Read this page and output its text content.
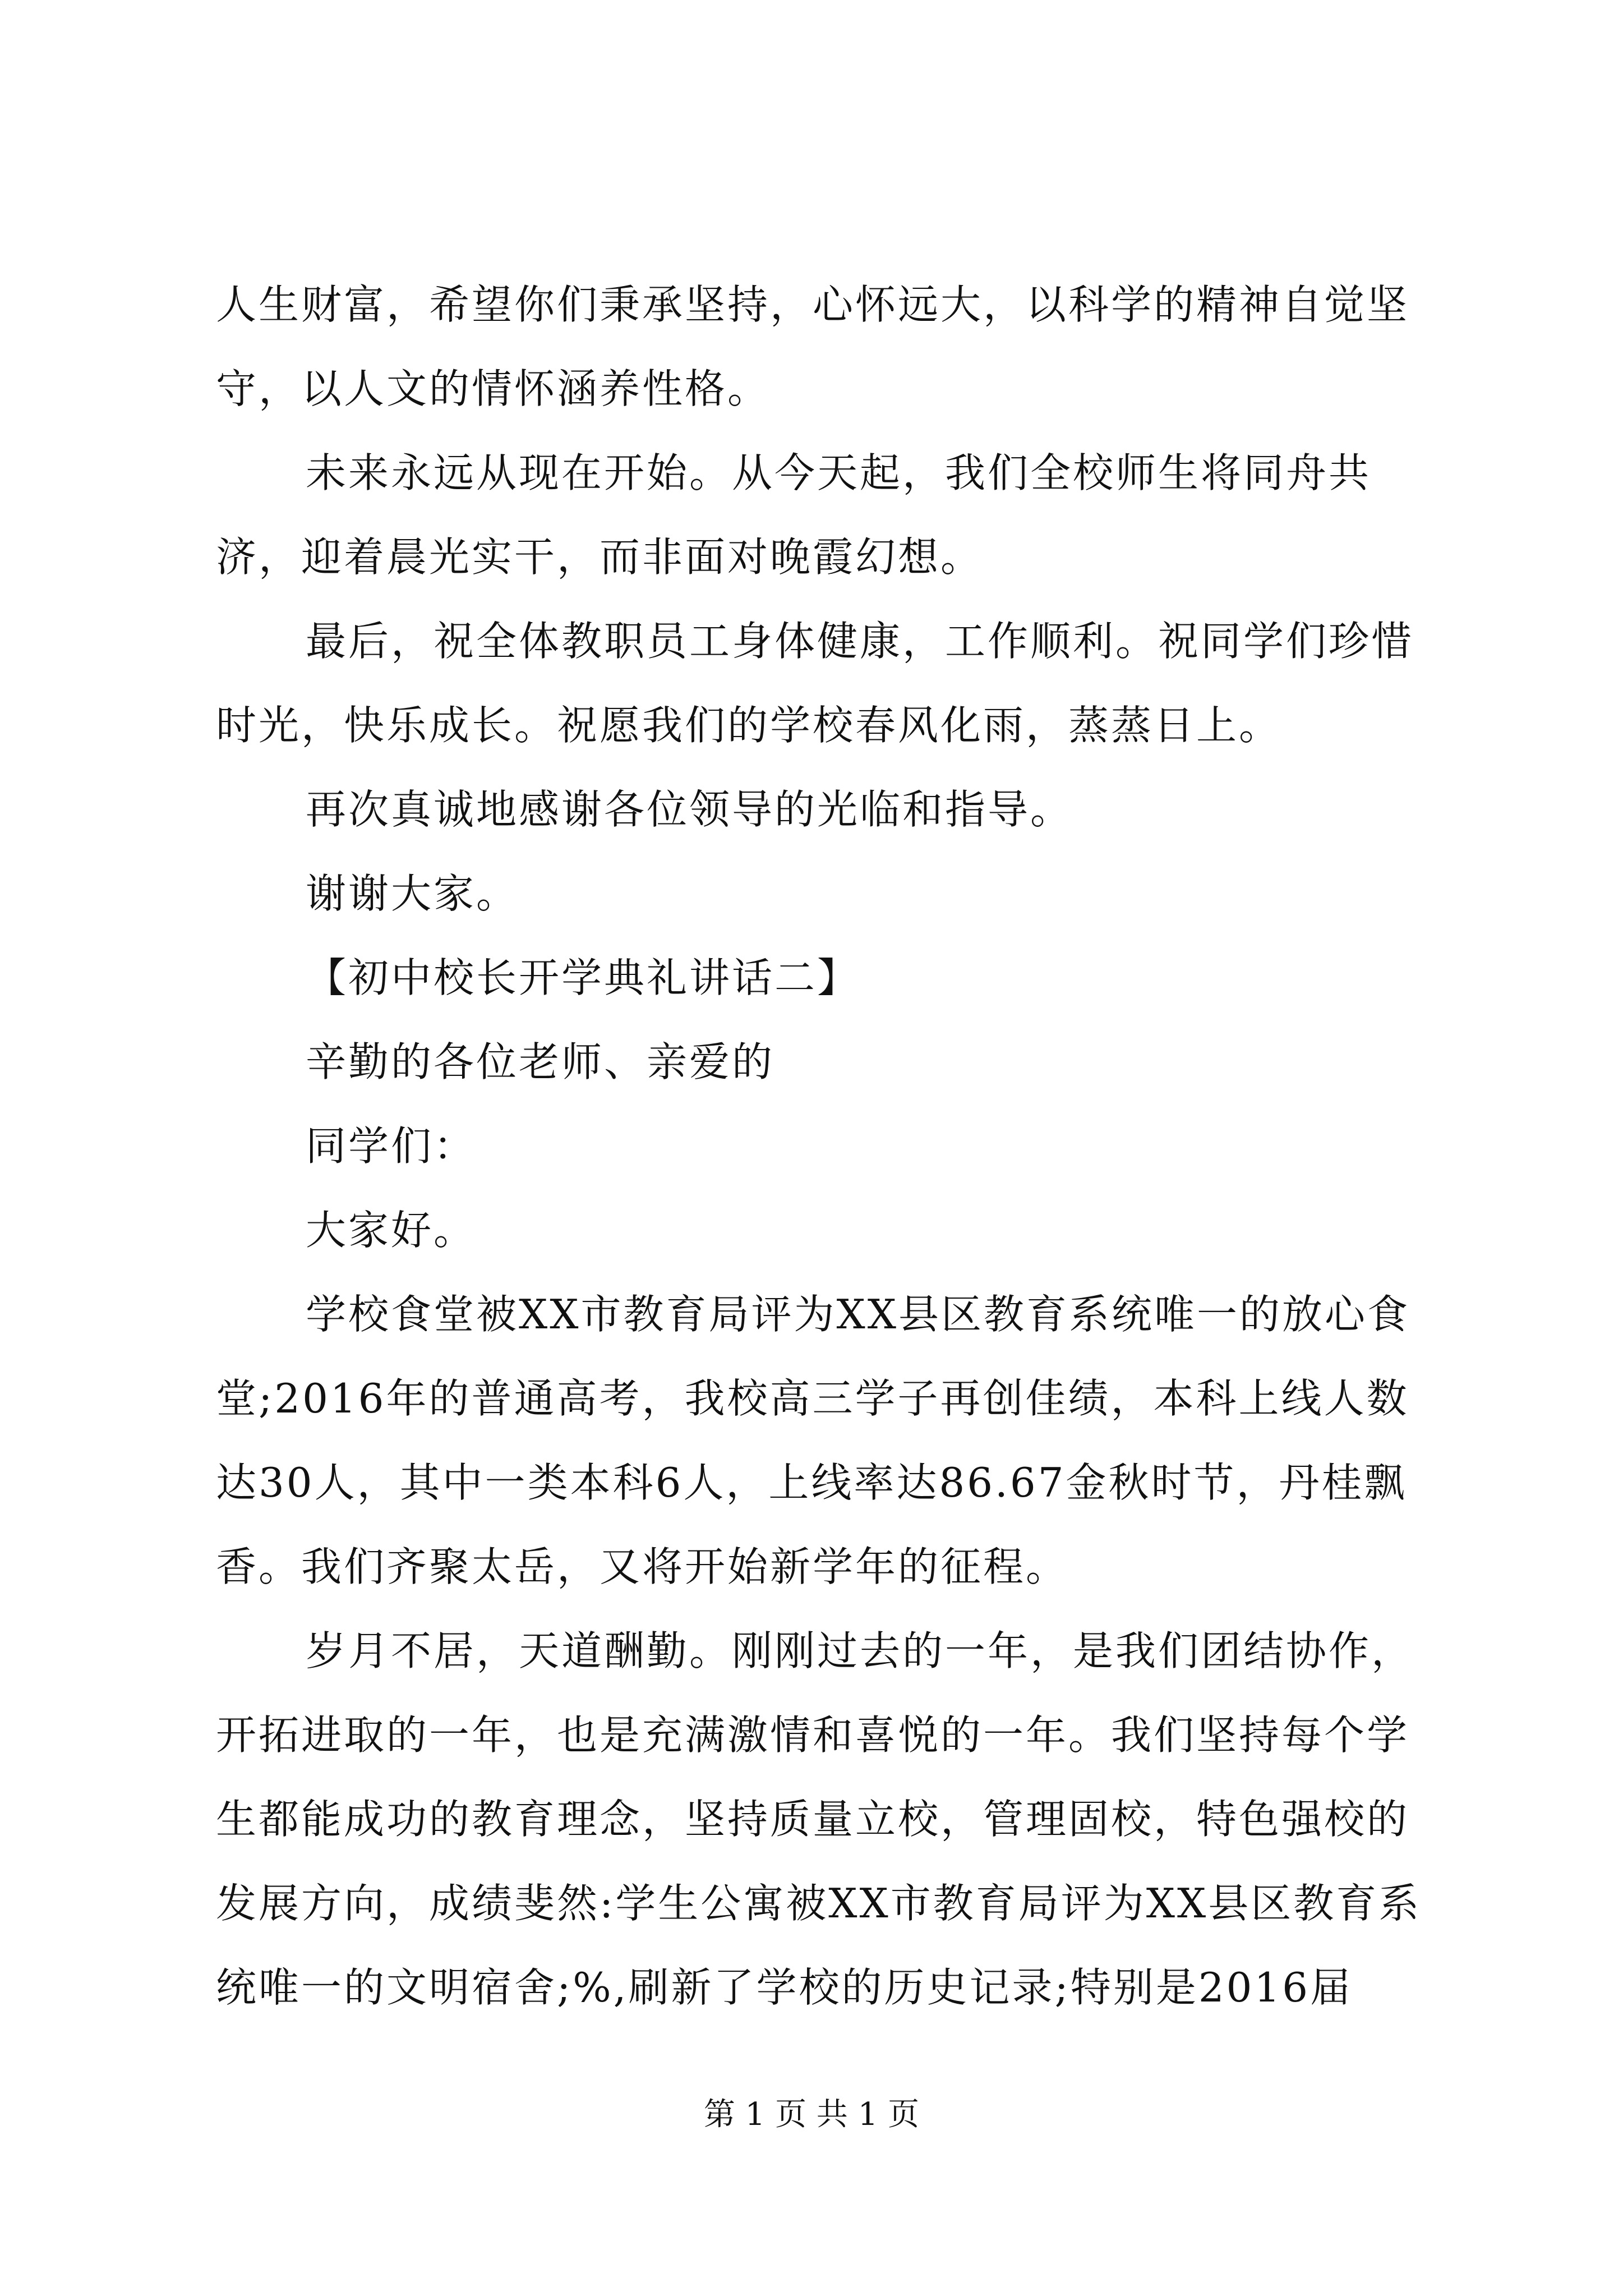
人生财富，希望你们秉承坚持，心怀远大，以科学的精神自觉坚守，以人文的情怀涵养性格。

未来永远从现在开始。从今天起，我们全校师生将同舟共济，迎着晨光实干，而非面对晚霞幻想。

最后，祝全体教职员工身体健康，工作顺利。祝同学们珍惜时光，快乐成长。祝愿我们的学校春风化雨，蒸蒸日上。

再次真诚地感谢各位领导的光临和指导。

谢谢大家。

【初中校长开学典礼讲话二】

辛勤的各位老师、亲爱的

同学们：

大家好。

学校食堂被XX市教育局评为XX县区教育系统唯一的放心食堂;2016年的普通高考，我校高三学子再创佳绩，本科上线人数达30人，其中一类本科6人，上线率达86.67金秋时节，丹桂飘香。我们齐聚太岳，又将开始新学年的征程。

岁月不居，天道酬勤。刚刚过去的一年，是我们团结协作，开拓进取的一年，也是充满激情和喜悦的一年。我们坚持每个学生都能成功的教育理念，坚持质量立校，管理固校，特色强校的发展方向，成绩斐然:学生公寓被XX市教育局评为XX县区教育系统唯一的文明宿舍;%,刷新了学校的历史记录;特别是2016届

第 1 页 共 1 页
